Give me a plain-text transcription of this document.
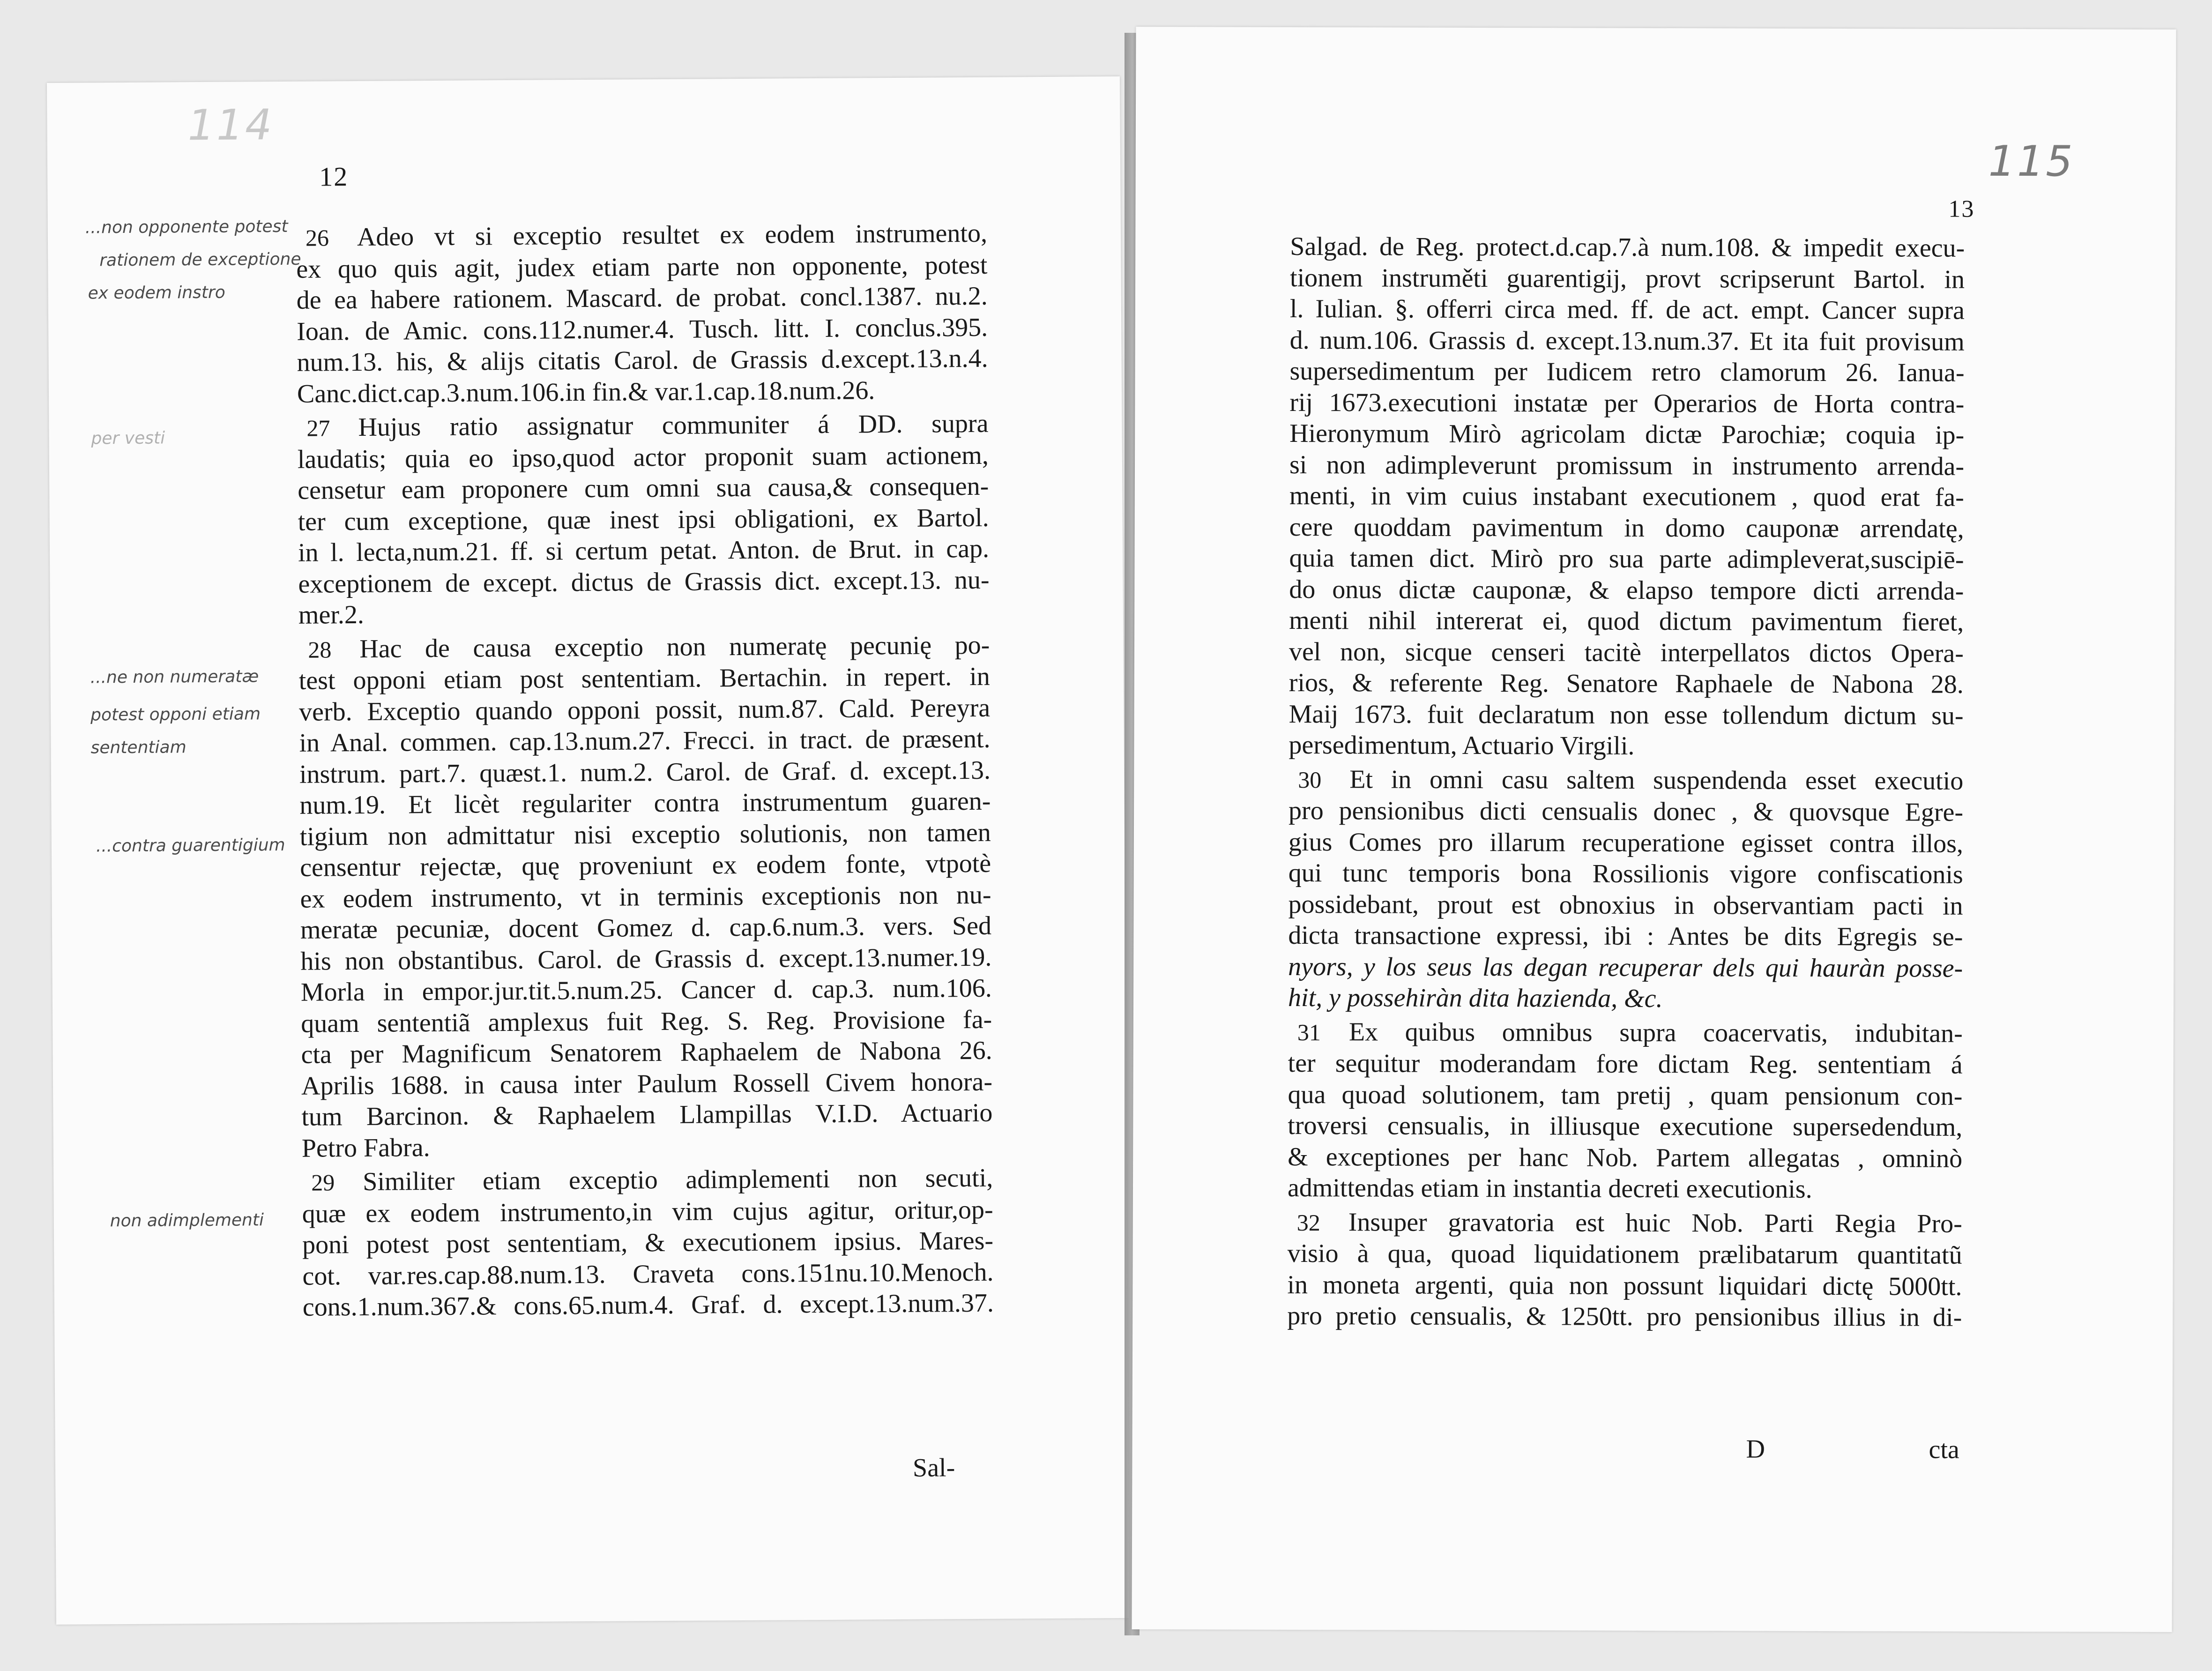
114
12
...non opponente potest
rationem de exceptione
ex eodem instro
per vesti
...ne non numeratæ
potest opponi etiam
sententiam
...contra guarentigium
non adimplementi
26 Adeo vt si exceptio resultet ex eodem instrumento,
ex quo quis agit, judex etiam parte non opponente, potest
de ea habere rationem. Mascard. de probat. concl.1387. nu.2.
Ioan. de Amic. cons.112.numer.4. Tusch. litt. I. conclus.395.
num.13. his, & alijs citatis Carol. de Grassis d.except.13.n.4.
Canc.dict.cap.3.num.106.in fin.& var.1.cap.18.num.26.
27 Hujus ratio assignatur communiter á DD. supra
laudatis; quia eo ipso,quod actor proponit suam actionem,
censetur eam proponere cum omni sua causa,& consequen-
ter cum exceptione, quæ inest ipsi obligationi, ex Bartol.
in l. lecta,num.21. ff. si certum petat. Anton. de Brut. in cap.
exceptionem de except. dictus de Grassis dict. except.13. nu-
mer.2.
28 Hac de causa exceptio non numeratę pecunię po-
test opponi etiam post sententiam. Bertachin. in repert. in
verb. Exceptio quando opponi possit, num.87. Cald. Pereyra
in Anal. commen. cap.13.num.27. Frecci. in tract. de præsent.
instrum. part.7. quæst.1. num.2. Carol. de Graf. d. except.13.
num.19. Et licèt regulariter contra instrumentum guaren-
tigium non admittatur nisi exceptio solutionis, non tamen
censentur rejectæ, quę proveniunt ex eodem fonte, vtpotè
ex eodem instrumento, vt in terminis exceptionis non nu-
meratæ pecuniæ, docent Gomez d. cap.6.num.3. vers. Sed
his non obstantibus. Carol. de Grassis d. except.13.numer.19.
Morla in empor.jur.tit.5.num.25. Cancer d. cap.3. num.106.
quam sententiã amplexus fuit Reg. S. Reg. Provisione fa-
cta per Magnificum Senatorem Raphaelem de Nabona 26.
Aprilis 1688. in causa inter Paulum Rossell Civem honora-
tum Barcinon. & Raphaelem Llampillas V.I.D. Actuario
Petro Fabra.
29 Similiter etiam exceptio adimplementi non secuti,
quæ ex eodem instrumento,in vim cujus agitur, oritur,op-
poni potest post sententiam, & executionem ipsius. Mares-
cot. var.res.cap.88.num.13. Craveta cons.151nu.10.Menoch.
cons.1.num.367.& cons.65.num.4. Graf. d. except.13.num.37.
Sal-
115
13
Salgad. de Reg. protect.d.cap.7.à num.108. & impedit execu-
tionem instruměti guarentigij, provt scripserunt Bartol. in
l. Iulian. §. offerri circa med. ff. de act. empt. Cancer supra
d. num.106. Grassis d. except.13.num.37. Et ita fuit provisum
supersedimentum per Iudicem retro clamorum 26. Ianua-
rij 1673.executioni instatæ per Operarios de Horta contra-
Hieronymum Mirò agricolam dictæ Parochiæ; coquia ip-
si non adimpleverunt promissum in instrumento arrenda-
menti, in vim cuius instabant executionem , quod erat fa-
cere quoddam pavimentum in domo cauponæ arrendatę,
quia tamen dict. Mirò pro sua parte adimpleverat,suscipiē-
do onus dictæ cauponæ, & elapso tempore dicti arrenda-
menti nihil intererat ei, quod dictum pavimentum fieret,
vel non, sicque censeri tacitè interpellatos dictos Opera-
rios, & referente Reg. Senatore Raphaele de Nabona 28.
Maij 1673. fuit declaratum non esse tollendum dictum su-
persedimentum, Actuario Virgili.
30 Et in omni casu saltem suspendenda esset executio
pro pensionibus dicti censualis donec , & quovsque Egre-
gius Comes pro illarum recuperatione egisset contra illos,
qui tunc temporis bona Rossilionis vigore confiscationis
possidebant, prout est obnoxius in observantiam pacti in
dicta transactione expressi, ibi : Antes be dits Egregis se-
nyors, y los seus las degan recuperar dels qui hauràn posse-
hit, y possehiràn dita hazienda, &c.
31 Ex quibus omnibus supra coacervatis, indubitan-
ter sequitur moderandam fore dictam Reg. sententiam á
qua quoad solutionem, tam pretij , quam pensionum con-
troversi censualis, in illiusque executione supersedendum,
& exceptiones per hanc Nob. Partem allegatas , omninò
admittendas etiam in instantia decreti executionis.
32 Insuper gravatoria est huic Nob. Parti Regia Pro-
visio à qua, quoad liquidationem prælibatarum quantitatũ
in moneta argenti, quia non possunt liquidari dictę 5000tt.
pro pretio censualis, & 1250tt. pro pensionibus illius in di-
D	cta
